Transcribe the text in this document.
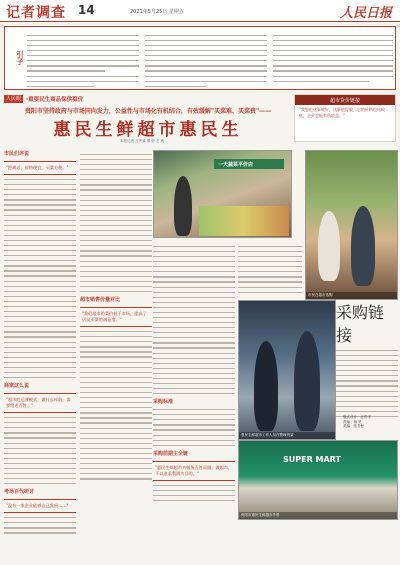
记者调查 14	2021年5月25日 星期五	人民日报
引子
人民眼 ·重要民生商品保供稳价	超市货价链接
"我想把这事做好，这事值得做，它的价格也比较低，企业也能有所收益。"
贵阳市坚持政府与市场同向发力，公益性与市场化有机结合，有效缓解"买菜难、买菜贵"——
惠民生鲜超市惠民生
本报记者 万秀斌 胡 婷 王 迪
市民们评说
"距离近，价格便宜，买菜方便。"
商家这么说
"超市的运营模式，做什么样的，需要给老百姓。"
考场百代研讨
"没有一家企业能够自己发展……"
超市销售价量对比
"我们超市的菜价低于市场，提高了居民买菜的满意度。"
采购标准
采购前期主全链
"惠民生鲜超市为服务百姓而做，做超市，不以追求利润为目的。"
采购链接
一天蔬菜平价店
市民在超市选购
惠民生鲜超市工作人员在整理货架
SUPER MART
贵阳市惠民生鲜超市外景
版式设计：汪哲平
责编：杨 昊
美编：张芳曼
